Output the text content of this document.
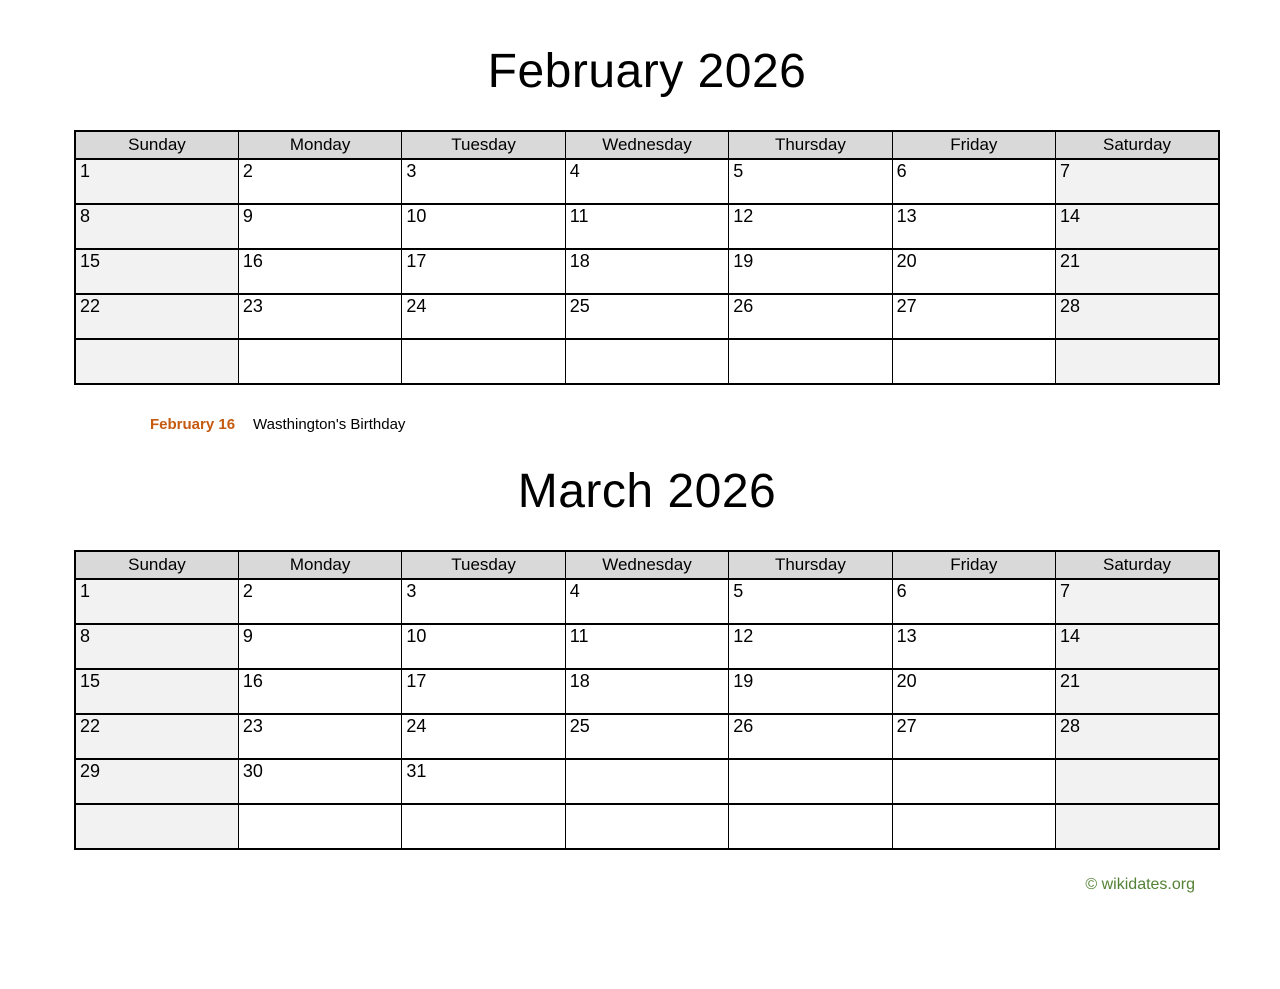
February 2026
Sunday	Monday	Tuesday	Wednesday	Thursday	Friday	Saturday
1	2	3	4	5	6	7
8	9	10	11	12	13	14
15	16	17	18	19	20	21
22	23	24	25	26	27	28

February 16 Wasthington's Birthday

March 2026
Sunday	Monday	Tuesday	Wednesday	Thursday	Friday	Saturday
1	2	3	4	5	6	7
8	9	10	11	12	13	14
15	16	17	18	19	20	21
22	23	24	25	26	27	28
29	30	31				

© wikidates.org
